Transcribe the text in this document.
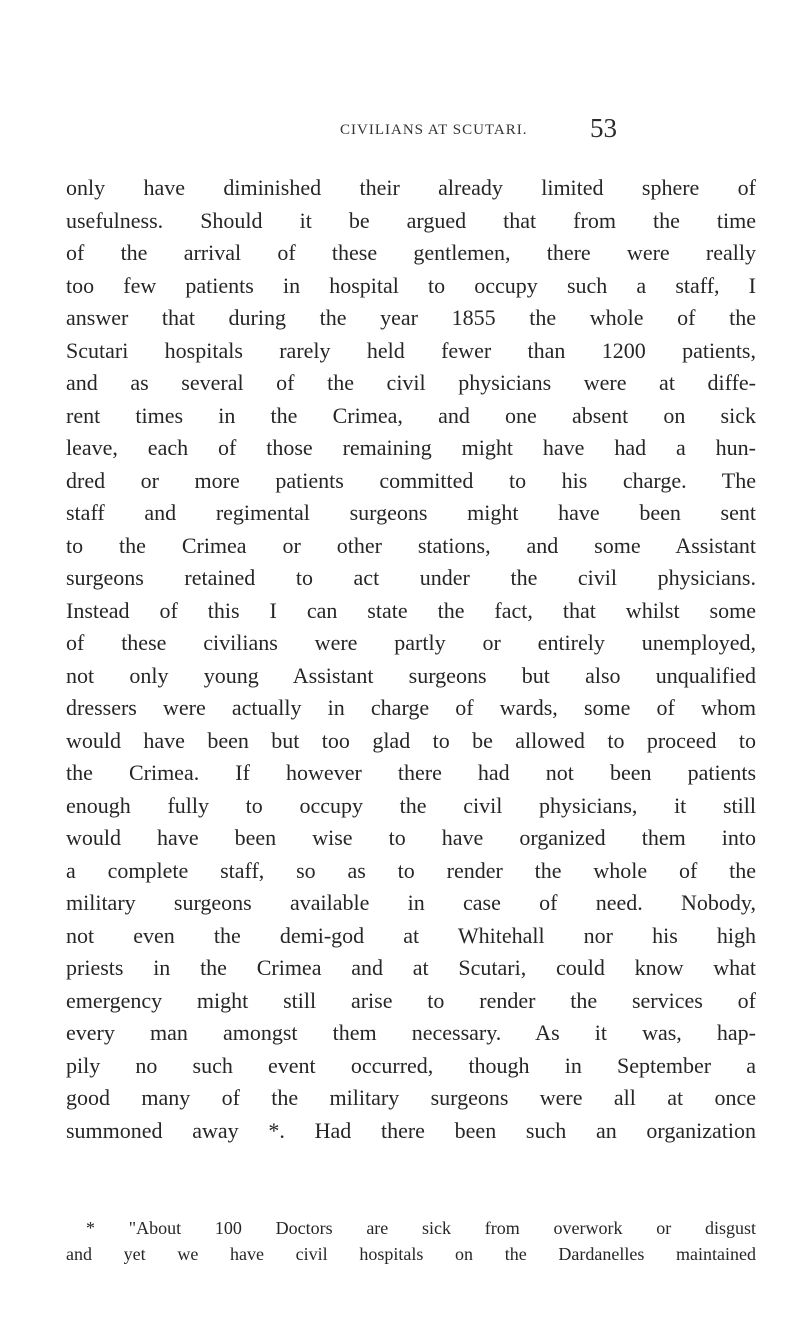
CIVILIANS AT SCUTARI. 53
only have diminished their already limited sphere of
usefulness. Should it be argued that from the time
of the arrival of these gentlemen, there were really
too few patients in hospital to occupy such a staff, I
answer that during the year 1855 the whole of the
Scutari hospitals rarely held fewer than 1200 patients,
and as several of the civil physicians were at diffe-
rent times in the Crimea, and one absent on sick
leave, each of those remaining might have had a hun-
dred or more patients committed to his charge. The
staff and regimental surgeons might have been sent
to the Crimea or other stations, and some Assistant
surgeons retained to act under the civil physicians.
Instead of this I can state the fact, that whilst some
of these civilians were partly or entirely unemployed,
not only young Assistant surgeons but also unqualified
dressers were actually in charge of wards, some of whom
would have been but too glad to be allowed to proceed to
the Crimea. If however there had not been patients
enough fully to occupy the civil physicians, it still
would have been wise to have organized them into
a complete staff, so as to render the whole of the
military surgeons available in case of need. Nobody,
not even the demi-god at Whitehall nor his high
priests in the Crimea and at Scutari, could know what
emergency might still arise to render the services of
every man amongst them necessary. As it was, hap-
pily no such event occurred, though in September a
good many of the military surgeons were all at once
summoned away *. Had there been such an organization
* "About 100 Doctors are sick from overwork or disgust
and yet we have civil hospitals on the Dardanelles maintained
